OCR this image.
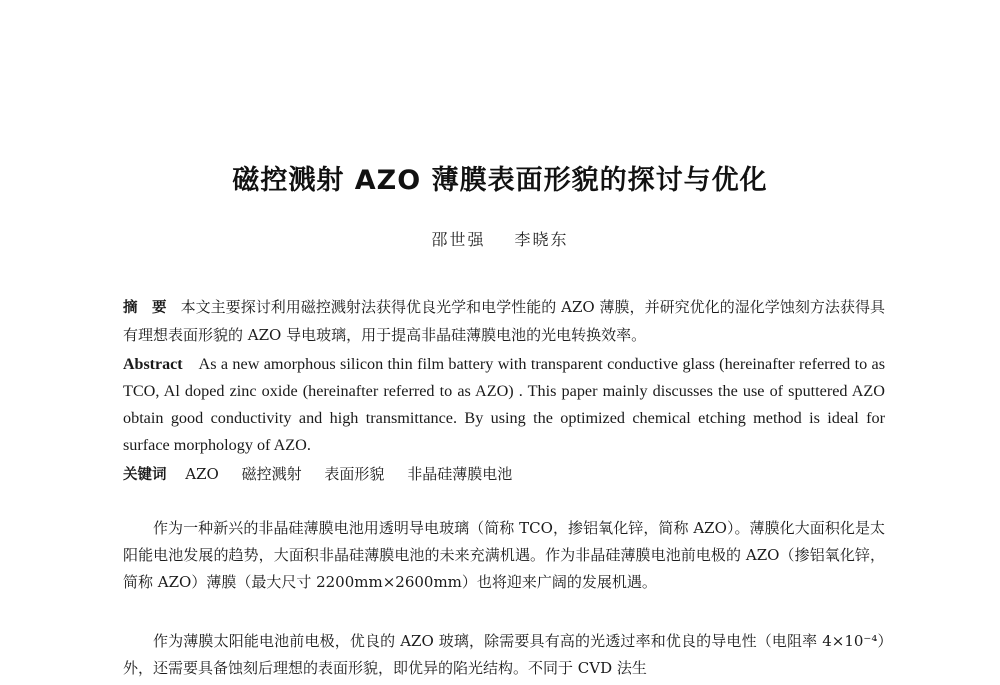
磁控溅射 AZO 薄膜表面形貌的探讨与优化
邵世强 李晓东
摘　要 本文主要探讨利用磁控溅射法获得优良光学和电学性能的 AZO 薄膜，并研究优化的湿化学蚀刻方法获得具有理想表面形貌的 AZO 导电玻璃，用于提高非晶硅薄膜电池的光电转换效率。
Abstract As a new amorphous silicon thin film battery with transparent conductive glass (hereinafter referred to as TCO, Al doped zinc oxide (hereinafter referred to as AZO) . This paper mainly discusses the use of sputtered AZO obtain good conductivity and high transmittance. By using the optimized chemical etching method is ideal for surface morphology of AZO.
关键词 AZO 磁控溅射 表面形貌 非晶硅薄膜电池
作为一种新兴的非晶硅薄膜电池用透明导电玻璃（简称 TCO，掺铝氧化锌，简称 AZO）。薄膜化大面积化是太阳能电池发展的趋势，大面积非晶硅薄膜电池的未来充满机遇。作为非晶硅薄膜电池前电极的 AZO（掺铝氧化锌，简称 AZO）薄膜（最大尺寸 2200mm×2600mm）也将迎来广阔的发展机遇。
作为薄膜太阳能电池前电极，优良的 AZO 玻璃，除需要具有高的光透过率和优良的导电性（电阻率 4×10⁻⁴）外，还需要具备蚀刻后理想的表面形貌，即优异的陷光结构。不同于 CVD 法生
